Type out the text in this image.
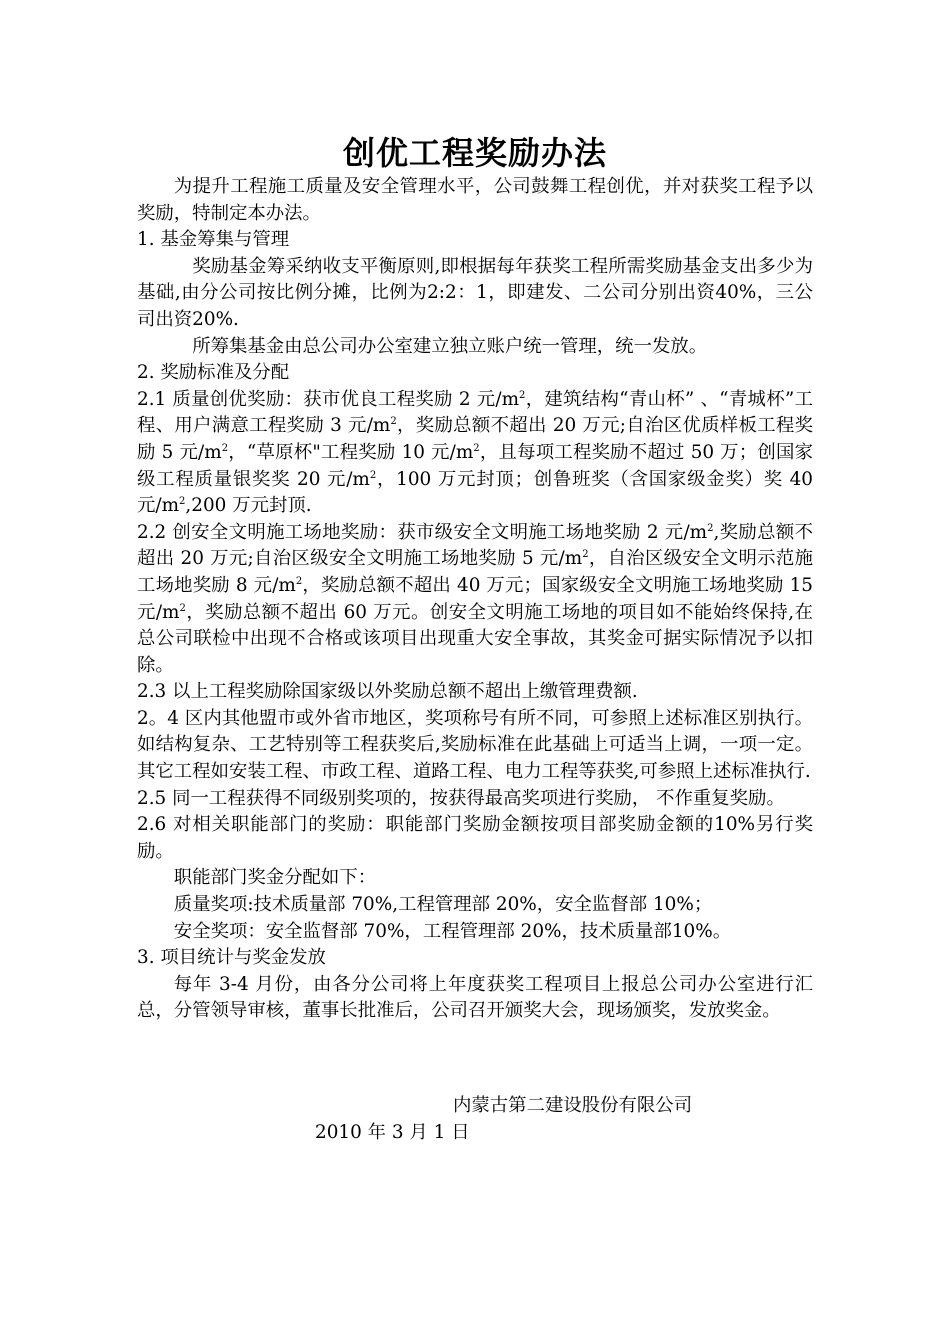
创优工程奖励办法

为提升工程施工质量及安全管理水平，公司鼓舞工程创优，并对获奖工程予以奖励，特制定本办法。

1. 基金筹集与管理

奖励基金筹采纳收支平衡原则,即根据每年获奖工程所需奖励基金支出多少为基础,由分公司按比例分摊，比例为2:2：1，即建发、二公司分别出资40%，三公司出资20%.

所筹集基金由总公司办公室建立独立账户统一管理，统一发放。

2. 奖励标准及分配

2.1 质量创优奖励：获市优良工程奖励 2 元$/m^2$，建筑结构“青山杯” 、“青城杯”工程、用户满意工程奖励 3 元$/m^2$，奖励总额不超出 20 万元;自治区优质样板工程奖励 5 元$/m^2$，“草原杯"工程奖励 10 元$/m^2$，且每项工程奖励不超过 50 万；创国家级工程质量银奖奖 20 元$/m^2$，100 万元封顶；创鲁班奖（含国家级金奖）奖 40 元$/m^2,200$ 万元封顶.

2.2 创安全文明施工场地奖励：获市级安全文明施工场地奖励 2 元$/m^2$,奖励总额不超出 20 万元;自治区级安全文明施工场地奖励 5 元$/m^2$，自治区级安全文明示范施工场地奖励 8 元$/m^2$，奖励总额不超出 40 万元；国家级安全文明施工场地奖励 15 元$/m^2$，奖励总额不超出 60 万元。创安全文明施工场地的项目如不能始终保持,在总公司联检中出现不合格或该项目出现重大安全事故，其奖金可据实际情况予以扣除。

2.3 以上工程奖励除国家级以外奖励总额不超出上缴管理费额.

2。4 区内其他盟市或外省市地区，奖项称号有所不同，可参照上述标准区别执行。如结构复杂、工艺特别等工程获奖后,奖励标准在此基础上可适当上调，一项一定。其它工程如安装工程、市政工程、道路工程、电力工程等获奖,可参照上述标准执行.

2.5 同一工程获得不同级别奖项的，按获得最高奖项进行奖励， 不作重复奖励。

2.6 对相关职能部门的奖励：职能部门奖励金额按项目部奖励金额的10%另行奖励。

职能部门奖金分配如下：

质量奖项:技术质量部 70%,工程管理部 20%，安全监督部 10%；

安全奖项：安全监督部 70%，工程管理部 20%，技术质量部10%。

3. 项目统计与奖金发放

每年 3-4 月份，由各分公司将上年度获奖工程项目上报总公司办公室进行汇总，分管领导审核，董事长批准后，公司召开颁奖大会，现场颁奖，发放奖金。

内蒙古第二建设股份有限公司
2010 年 3 月 1 日
